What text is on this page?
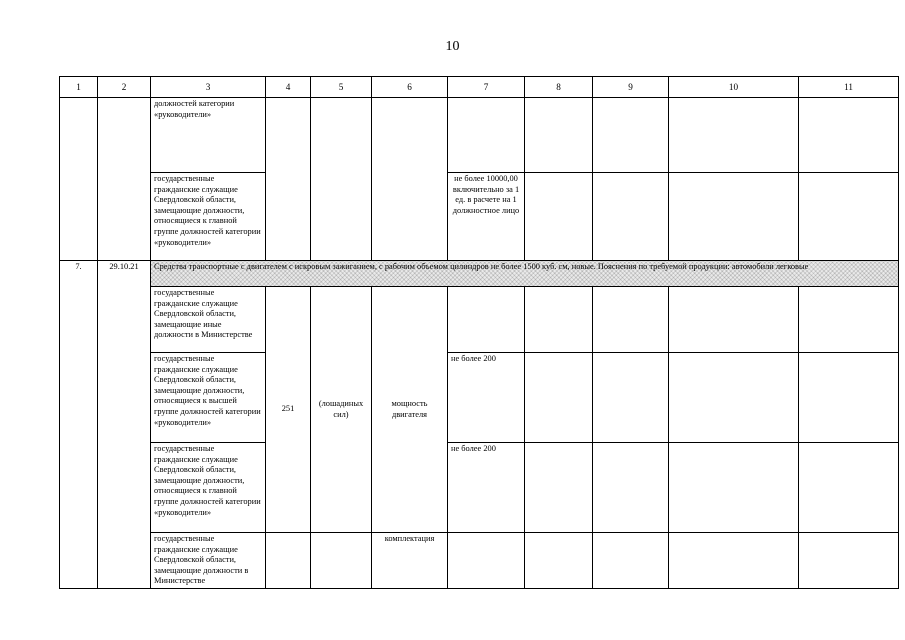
10
1	2	3	4	5	6	7	8	9	10	11
		должностей категории «руководители»								
		государственные гражданские служащие Свердловской области, замещающие должности, относящиеся к главной группе должностей категории «руководители»				не более 10000,00 включительно за 1 ед. в расчете на 1 должностное лицо				
7.	29.10.21	Средства транспортные с двигателем с искровым зажиганием, с рабочим объемом цилиндров не более 1500 куб. см, новые. Пояснения по требуемой продукции: автомобили легковые								
		государственные гражданские служащие Свердловской области, замещающие иные должности в Министерстве	251	(лошадиных сил)	мощность двигателя					
		государственные гражданские служащие Свердловской области, замещающие должности, относящиеся к высшей группе должностей категории «руководители»				не более 200				
		государственные гражданские служащие Свердловской области, замещающие должности, относящиеся к главной группе должностей категории «руководители»				не более 200				
		государственные гражданские служащие Свердловской области, замещающие должности в Министерстве			комплектация					
